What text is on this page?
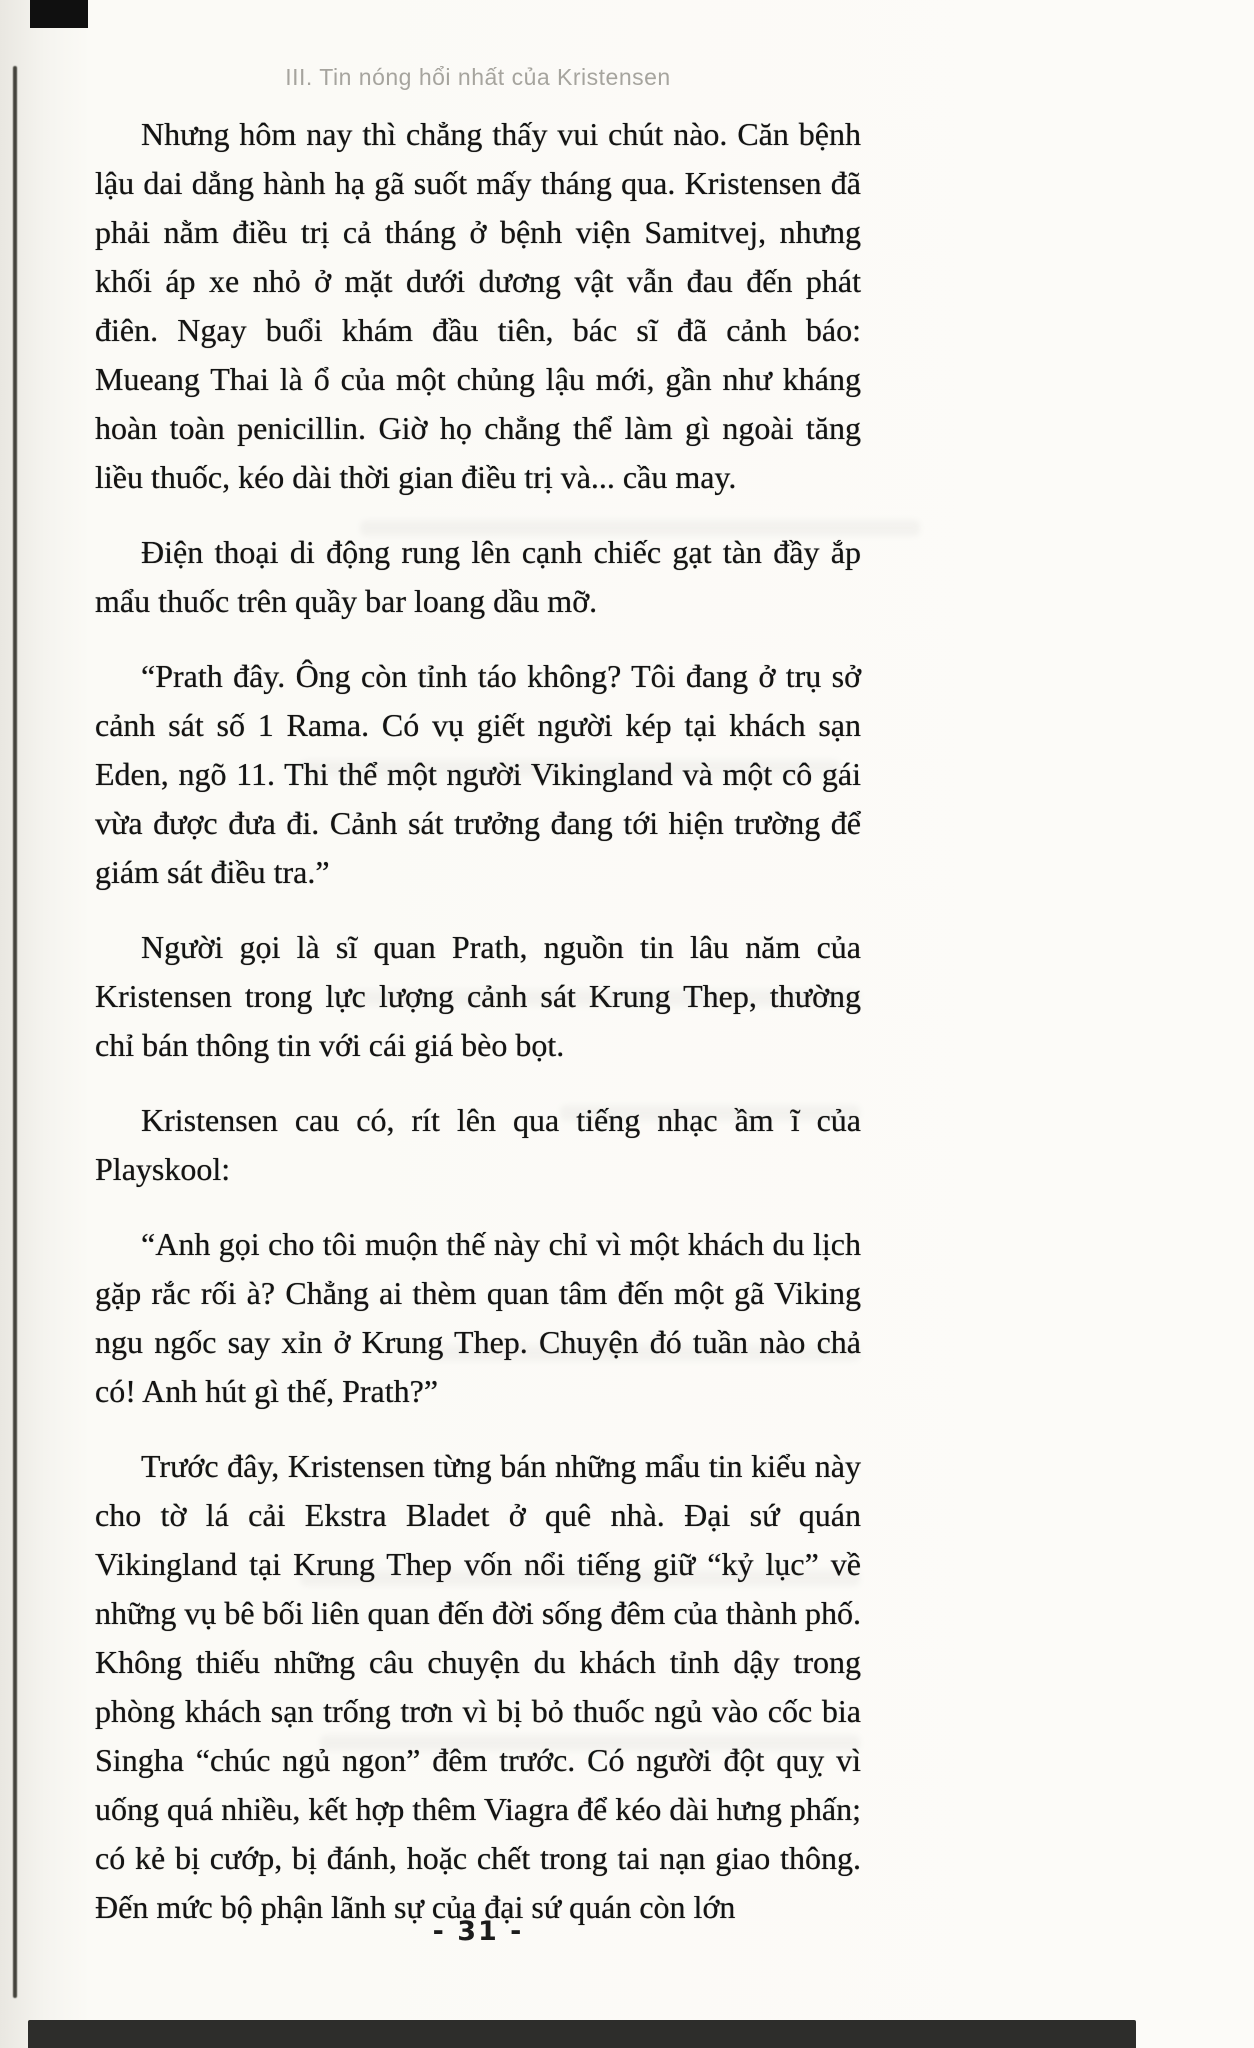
III. Tin nóng hổi nhất của Kristensen

Nhưng hôm nay thì chẳng thấy vui chút nào. Căn bệnh lậu dai dẳng hành hạ gã suốt mấy tháng qua. Kristensen đã phải nằm điều trị cả tháng ở bệnh viện Samitvej, nhưng khối áp xe nhỏ ở mặt dưới dương vật vẫn đau đến phát điên. Ngay buổi khám đầu tiên, bác sĩ đã cảnh báo: Mueang Thai là ổ của một chủng lậu mới, gần như kháng hoàn toàn penicillin. Giờ họ chẳng thể làm gì ngoài tăng liều thuốc, kéo dài thời gian điều trị và... cầu may.

Điện thoại di động rung lên cạnh chiếc gạt tàn đầy ắp mẩu thuốc trên quầy bar loang dầu mỡ.

“Prath đây. Ông còn tỉnh táo không? Tôi đang ở trụ sở cảnh sát số 1 Rama. Có vụ giết người kép tại khách sạn Eden, ngõ 11. Thi thể một người Vikingland và một cô gái vừa được đưa đi. Cảnh sát trưởng đang tới hiện trường để giám sát điều tra.”

Người gọi là sĩ quan Prath, nguồn tin lâu năm của Kristensen trong lực lượng cảnh sát Krung Thep, thường chỉ bán thông tin với cái giá bèo bọt.

Kristensen cau có, rít lên qua tiếng nhạc ầm ĩ của Playskool:

“Anh gọi cho tôi muộn thế này chỉ vì một khách du lịch gặp rắc rối à? Chẳng ai thèm quan tâm đến một gã Viking ngu ngốc say xỉn ở Krung Thep. Chuyện đó tuần nào chả có! Anh hút gì thế, Prath?”

Trước đây, Kristensen từng bán những mẩu tin kiểu này cho tờ lá cải Ekstra Bladet ở quê nhà. Đại sứ quán Vikingland tại Krung Thep vốn nổi tiếng giữ “kỷ lục” về những vụ bê bối liên quan đến đời sống đêm của thành phố. Không thiếu những câu chuyện du khách tỉnh dậy trong phòng khách sạn trống trơn vì bị bỏ thuốc ngủ vào cốc bia Singha “chúc ngủ ngon” đêm trước. Có người đột quỵ vì uống quá nhiều, kết hợp thêm Viagra để kéo dài hưng phấn; có kẻ bị cướp, bị đánh, hoặc chết trong tai nạn giao thông. Đến mức bộ phận lãnh sự của đại sứ quán còn lớn

- 31 -
